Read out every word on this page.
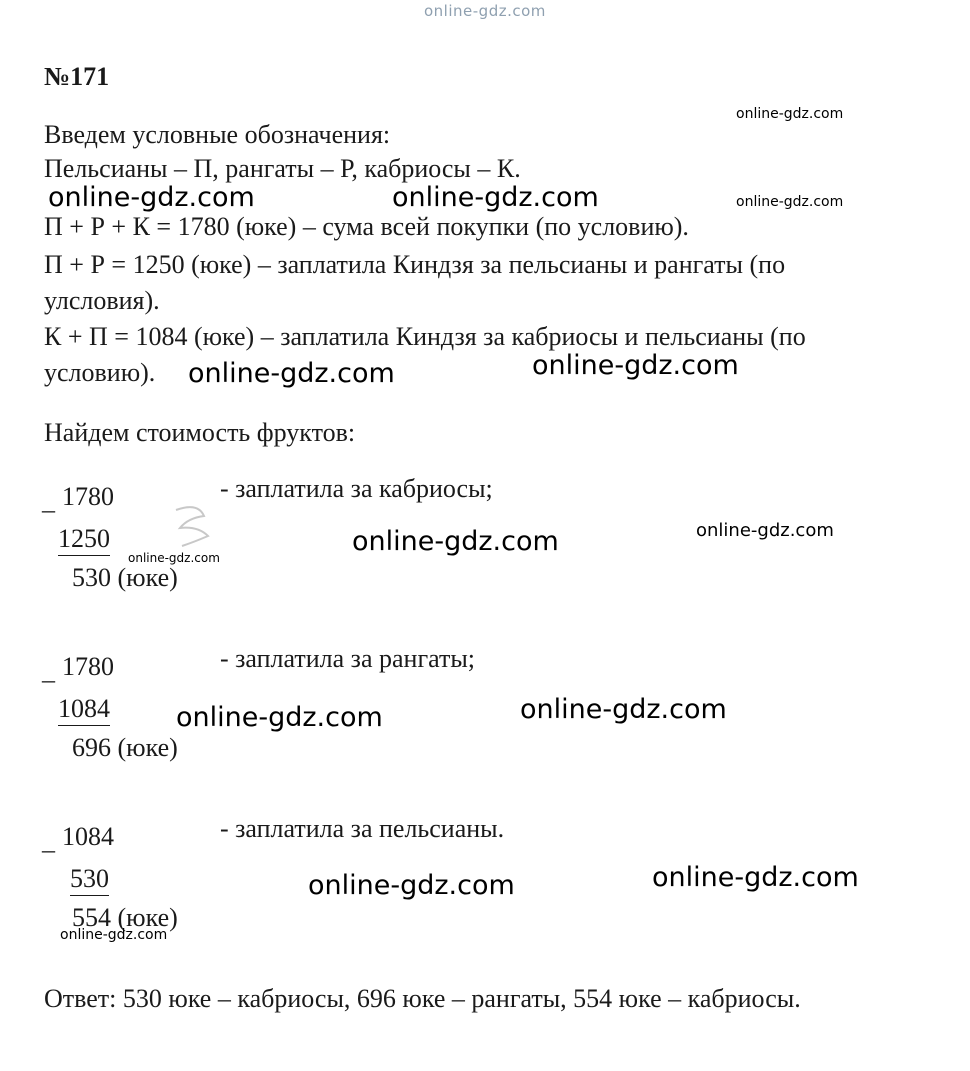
online-gdz.com
№171
Введем условные обозначения:
Пельсианы – П, рангаты – Р, кабриосы – К.
П + Р + К = 1780 (юке) – сума всей покупки (по условию).
П + Р = 1250 (юке) – заплатила Киндзя за пельсианы и рангаты (по
улсловия).
К + П = 1084 (юке) – заплатила Киндзя за кабриосы и пельсианы (по
условию).
Найдем стоимость фруктов:
_ 1780
1250
530 (юке)
- заплатила за кабриосы;
_ 1780
1084
696 (юке)
- заплатила за рангаты;
_ 1084
530
554 (юке)
- заплатила за пельсианы.
Ответ: 530 юке – кабриосы, 696 юке – рангаты, 554 юке – кабриосы.
online-gdz.com
online-gdz.com	online-gdz.com	online-gdz.com
online-gdz.com	online-gdz.com
online-gdz.com	online-gdz.com
online-gdz.com
online-gdz.com	online-gdz.com
online-gdz.com	online-gdz.com
online-gdz.com
